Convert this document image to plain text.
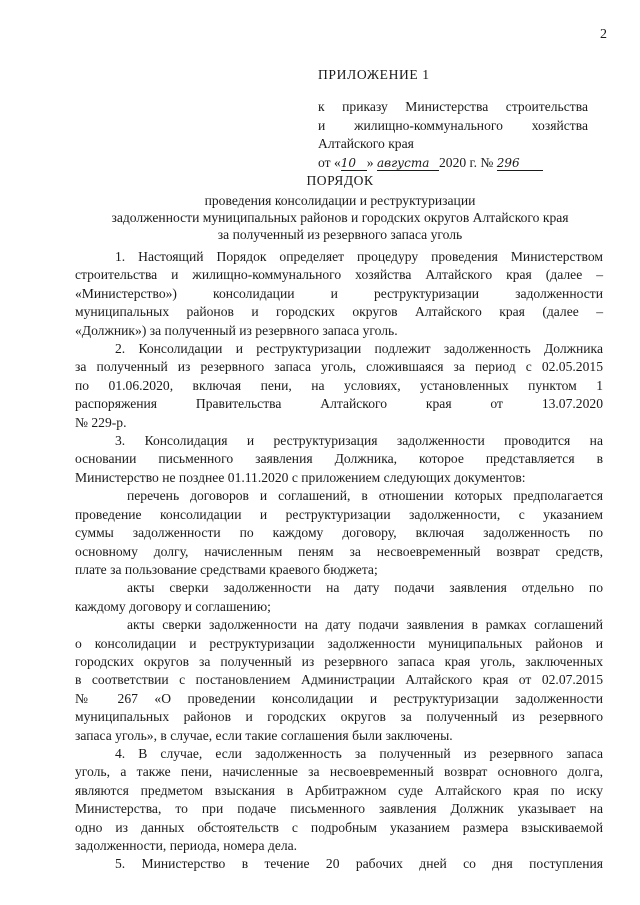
2
ПРИЛОЖЕНИЕ 1
к приказу Министерства строительства
и жилищно-коммунального хозяйства
Алтайского края
от «10 » августа 2020 г. № 296
ПОРЯДОК
проведения консолидации и реструктуризации
задолженности муниципальных районов и городских округов Алтайского края
за полученный из резервного запаса уголь

1. Настоящий Порядок определяет процедуру проведения Министерством

строительства и жилищно-коммунального хозяйства Алтайского края (далее –

«Министерство») консолидации и реструктуризации задолженности

муниципальных районов и городских округов Алтайского края (далее –

«Должник») за полученный из резервного запаса уголь.

2. Консолидации и реструктуризации подлежит задолженность Должника

за полученный из резервного запаса уголь, сложившаяся за период с 02.05.2015

по 01.06.2020, включая пени, на условиях, установленных пунктом 1

распоряжения Правительства Алтайского края от 13.07.2020

№ 229-р.

3. Консолидация и реструктуризация задолженности проводится на

основании письменного заявления Должника, которое представляется в

Министерство не позднее 01.11.2020 с приложением следующих документов:

перечень договоров и соглашений, в отношении которых предполагается

проведение консолидации и реструктуризации задолженности, с указанием

суммы задолженности по каждому договору, включая задолженность по

основному долгу, начисленным пеням за несвоевременный возврат средств,

плате за пользование средствами краевого бюджета;

акты сверки задолженности на дату подачи заявления отдельно по

каждому договору и соглашению;

акты сверки задолженности на дату подачи заявления в рамках соглашений

о консолидации и реструктуризации задолженности муниципальных районов и

городских округов за полученный из резервного запаса края уголь, заключенных

в соответствии с постановлением Администрации Алтайского края от 02.07.2015

№ 267 «О проведении консолидации и реструктуризации задолженности

муниципальных районов и городских округов за полученный из резервного

запаса уголь», в случае, если такие соглашения были заключены.

4. В случае, если задолженность за полученный из резервного запаса

уголь, а также пени, начисленные за несвоевременный возврат основного долга,

являются предметом взыскания в Арбитражном суде Алтайского края по иску

Министерства, то при подаче письменного заявления Должник указывает на

одно из данных обстоятельств с подробным указанием размера взыскиваемой

задолженности, периода, номера дела.

5. Министерство в течение 20 рабочих дней со дня поступления
